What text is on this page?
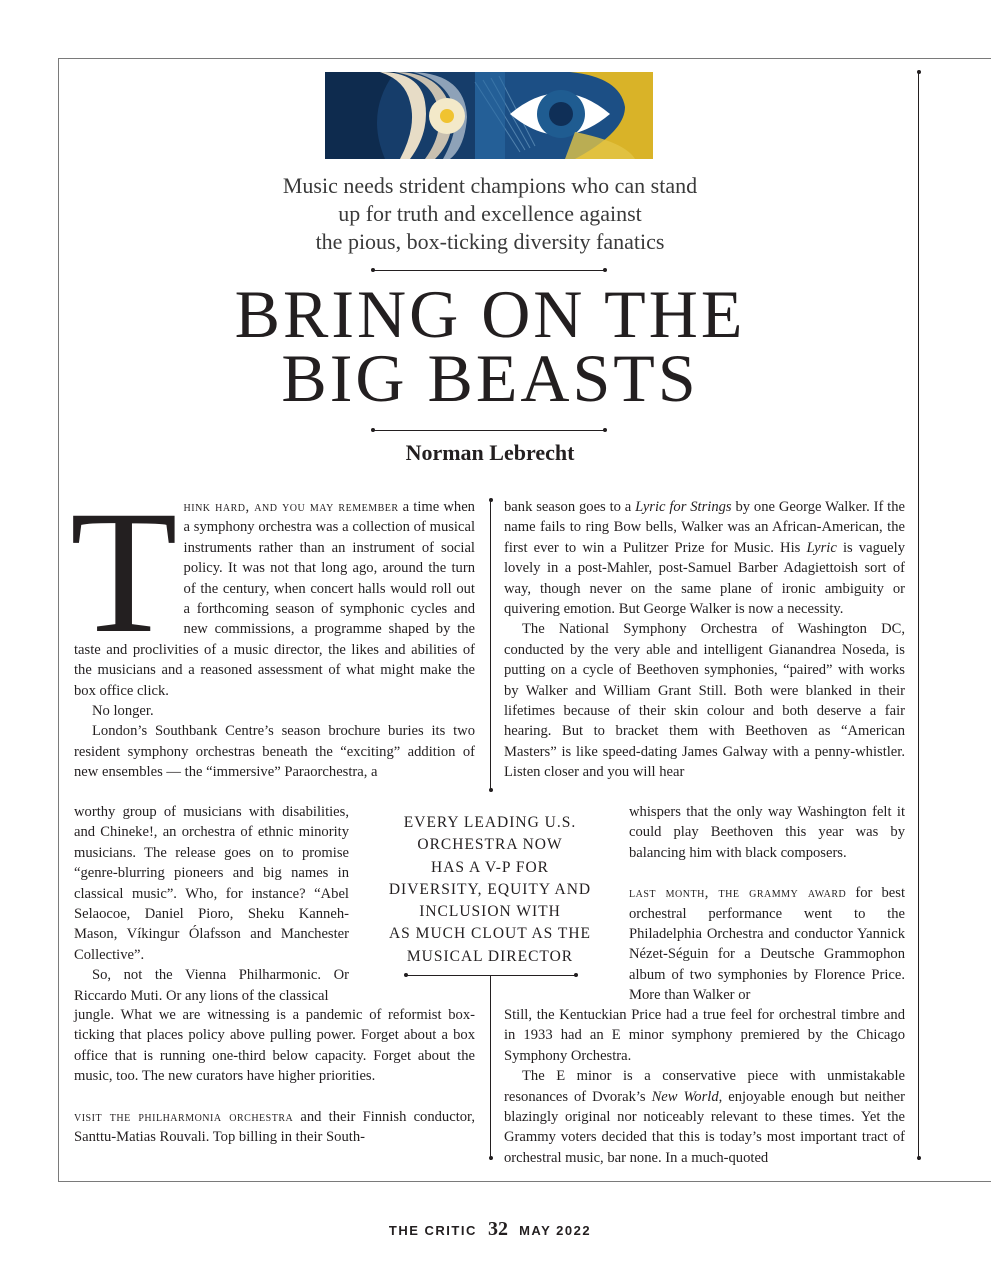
Music needs strident champions who can stand
up for truth and excellence against
the pious, box-ticking diversity fanatics
BRING ON THE
BIG BEASTS
Norman Lebrecht

Think hard, and you may remember a time when a symphony orchestra was a collection of musical instruments rather than an instrument of social policy. It was not that long ago, around the turn of the century, when concert halls would roll out a forthcoming season of symphonic cycles and new commissions, a programme shaped by the taste and proclivities of a music director, the likes and abilities of the musicians and a reasoned assessment of what might make the box office click.

No longer.

London’s Southbank Centre’s season brochure buries its two resident symphony orchestras beneath the “exciting” addition of new ensembles — the “immersive” Paraorchestra, a

worthy group of musicians with disabilities, and Chineke!, an orchestra of ethnic minority musicians. The release goes on to promise “genre-blurring pioneers and big names in classical music”. Who, for instance? “Abel Selaocoe, Daniel Pioro, Sheku Kanneh-Mason, Víkingur Ólafsson and Manchester Collective”.

So, not the Vienna Philharmonic. Or Riccardo Muti. Or any lions of the classical

jungle. What we are witnessing is a pandemic of reformist box-ticking that places policy above pulling power. Forget about a box office that is running one-third below capacity. Forget about the music, too. The new curators have higher priorities.

visit the philharmonia orchestra and their Finnish conductor, Santtu-Matias Rouvali. Top billing in their South-

bank season goes to a Lyric for Strings by one George Walker. If the name fails to ring Bow bells, Walker was an African-American, the first ever to win a Pulitzer Prize for Music. His Lyric is vaguely lovely in a post-Mahler, post-Samuel Barber Adagiettoish sort of way, though never on the same plane of ironic ambiguity or quivering emotion. But George Walker is now a necessity.

The National Symphony Orchestra of Washington DC, conducted by the very able and intelligent Gianandrea Noseda, is putting on a cycle of Beethoven symphonies, “paired” with works by Walker and William Grant Still. Both were blanked in their lifetimes because of their skin colour and both deserve a fair hearing. But to bracket them with Beethoven as “American Masters” is like speed-dating James Galway with a penny-whistler. Listen closer and you will hear

whispers that the only way Washington felt it could play Beethoven this year was by balancing him with black composers.

last month, the grammy award for best orchestral performance went to the Philadelphia Orchestra and conductor Yannick Nézet-Séguin for a Deutsche Grammophon album of two symphonies by Florence Price. More than Walker or

Still, the Kentuckian Price had a true feel for orchestral timbre and in 1933 had an E minor symphony premiered by the Chicago Symphony Orchestra.

The E minor is a conservative piece with unmistakable resonances of Dvorak’s New World, enjoyable enough but neither blazingly original nor noticeably relevant to these times. Yet the Grammy voters decided that this is today’s most important tract of orchestral music, bar none. In a much-quoted

EVERY LEADING U.S.
ORCHESTRA NOW
HAS A V-P FOR
DIVERSITY, EQUITY AND
INCLUSION WITH
AS MUCH CLOUT AS THE
MUSICAL DIRECTOR
THE CRITIC 32 MAY 2022
